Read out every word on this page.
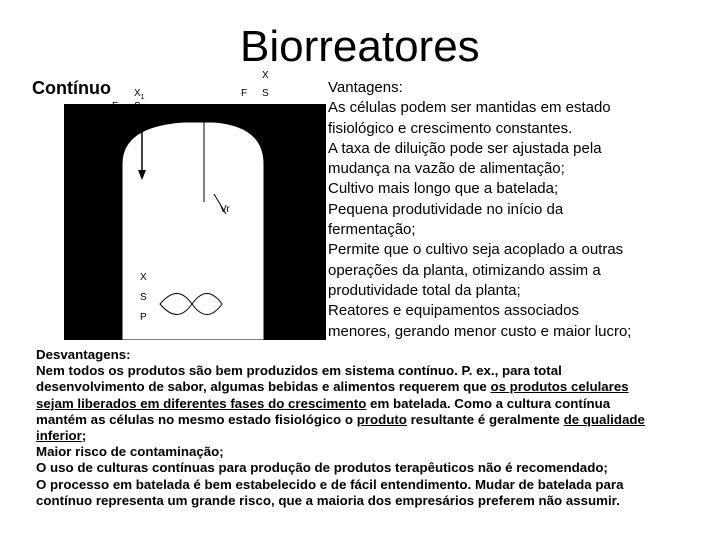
Biorreatores
Contínuo
X
$X_1$	F S
Vr
X
S
P
Vantagens:
As células podem ser mantidas em estado
fisiológico e crescimento constantes.
A taxa de diluição pode ser ajustada pela
mudança na vazão de alimentação;
Cultivo mais longo que a batelada;
Pequena produtividade no início da
fermentação;
Permite que o cultivo seja acoplado a outras
operações da planta, otimizando assim a
produtividade total da planta;
Reatores e equipamentos associados
menores, gerando menor custo e maior lucro;
Desvantagens:
Nem todos os produtos são bem produzidos em sistema contínuo. P. ex., para total
desenvolvimento de sabor, algumas bebidas e alimentos requerem que os produtos celulares
sejam liberados em diferentes fases do crescimento em batelada. Como a cultura contínua
mantém as células no mesmo estado fisiológico o produto resultante é geralmente de qualidade
inferior;
Maior risco de contaminação;
O uso de culturas contínuas para produção de produtos terapêuticos não é recomendado;
O processo em batelada é bem estabelecido e de fácil entendimento. Mudar de batelada para
contínuo representa um grande risco, que a maioria dos empresários preferem não assumir.
